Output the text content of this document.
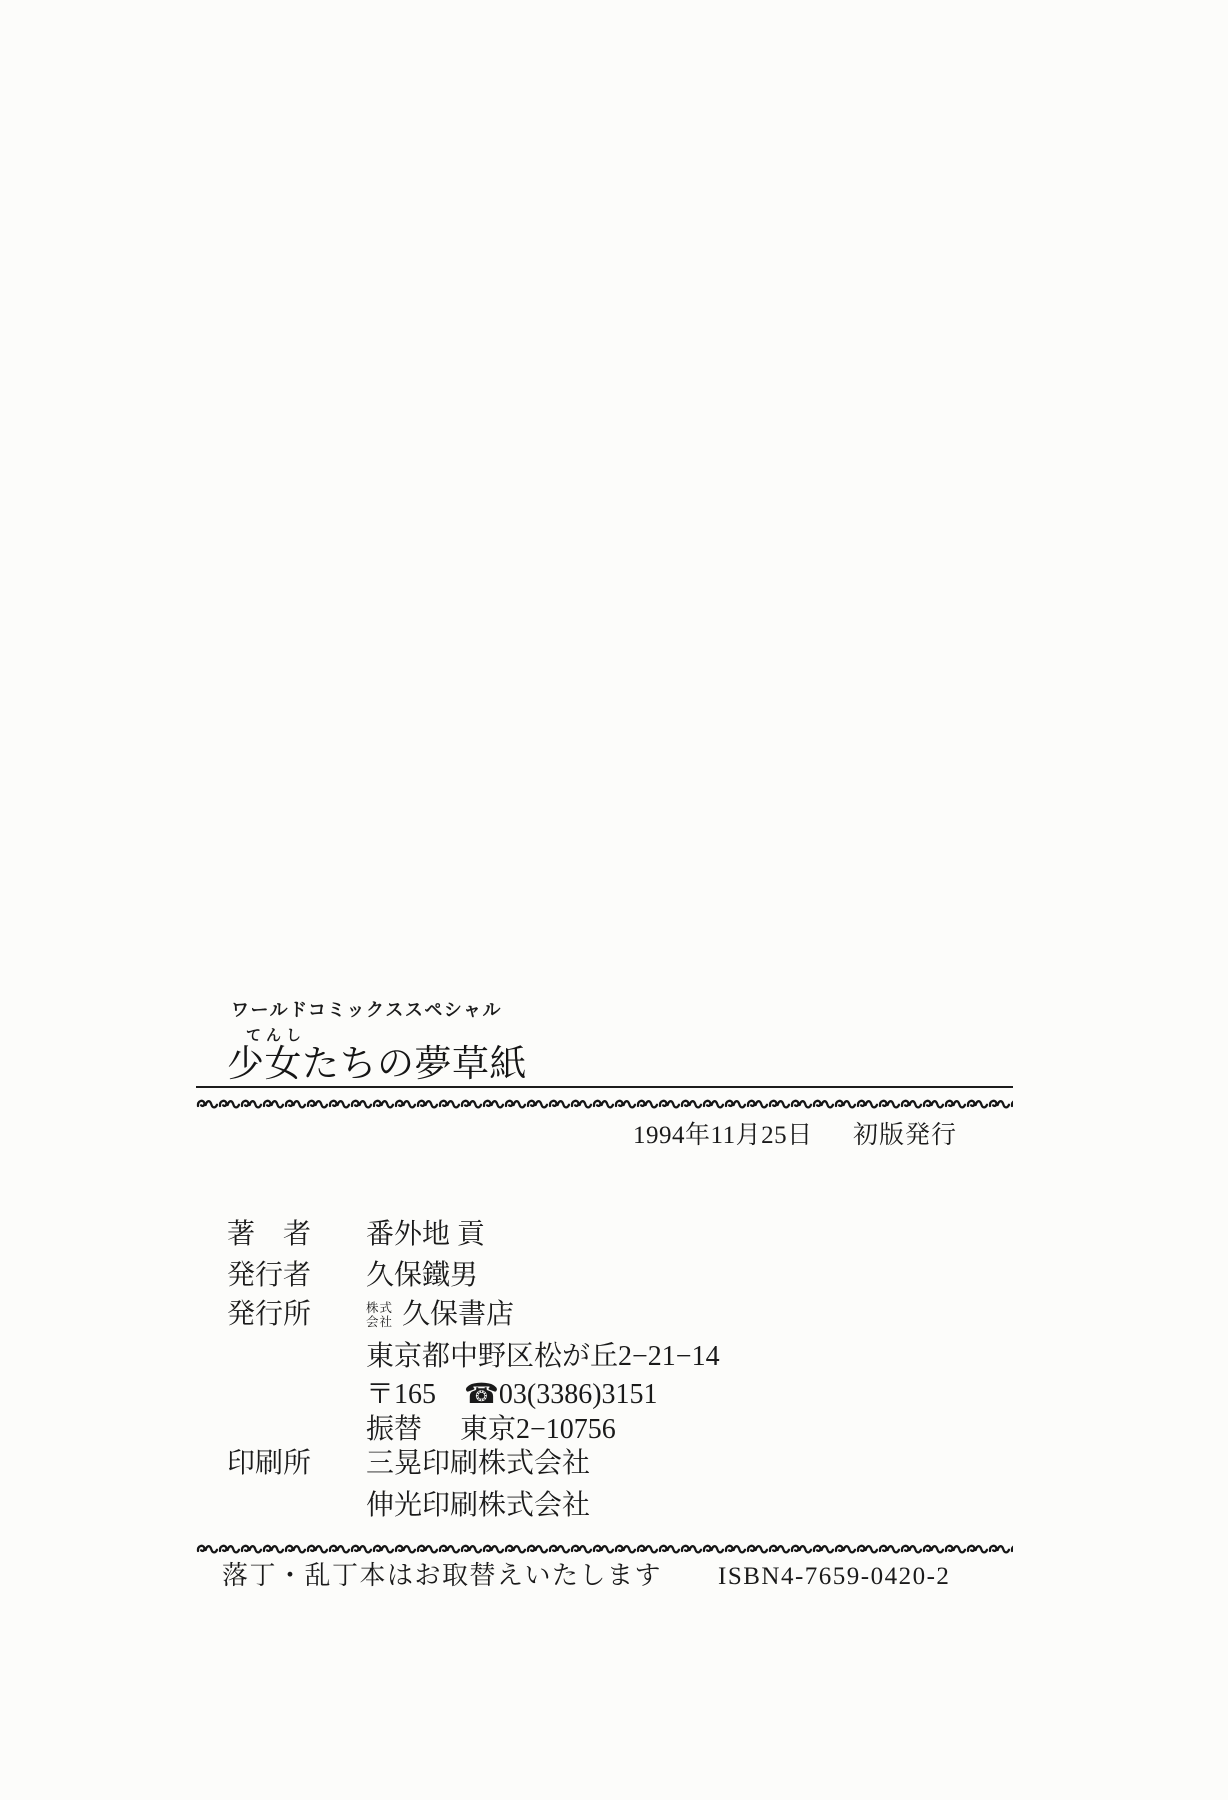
ワールドコミックススペシャル
てんし
少女たちの夢草紙
1994年11月25日 初版発行
著　者 番外地 貢
発行者 久保鐵男
発行所	株式
会社 久保書店
東京都中野区松が丘2−21−14
〒165 ☎03(3386)3151
振替 東京2−10756
印刷所 三晃印刷株式会社
伸光印刷株式会社
落丁・乱丁本はお取替えいたします ISBN4-7659-0420-2
